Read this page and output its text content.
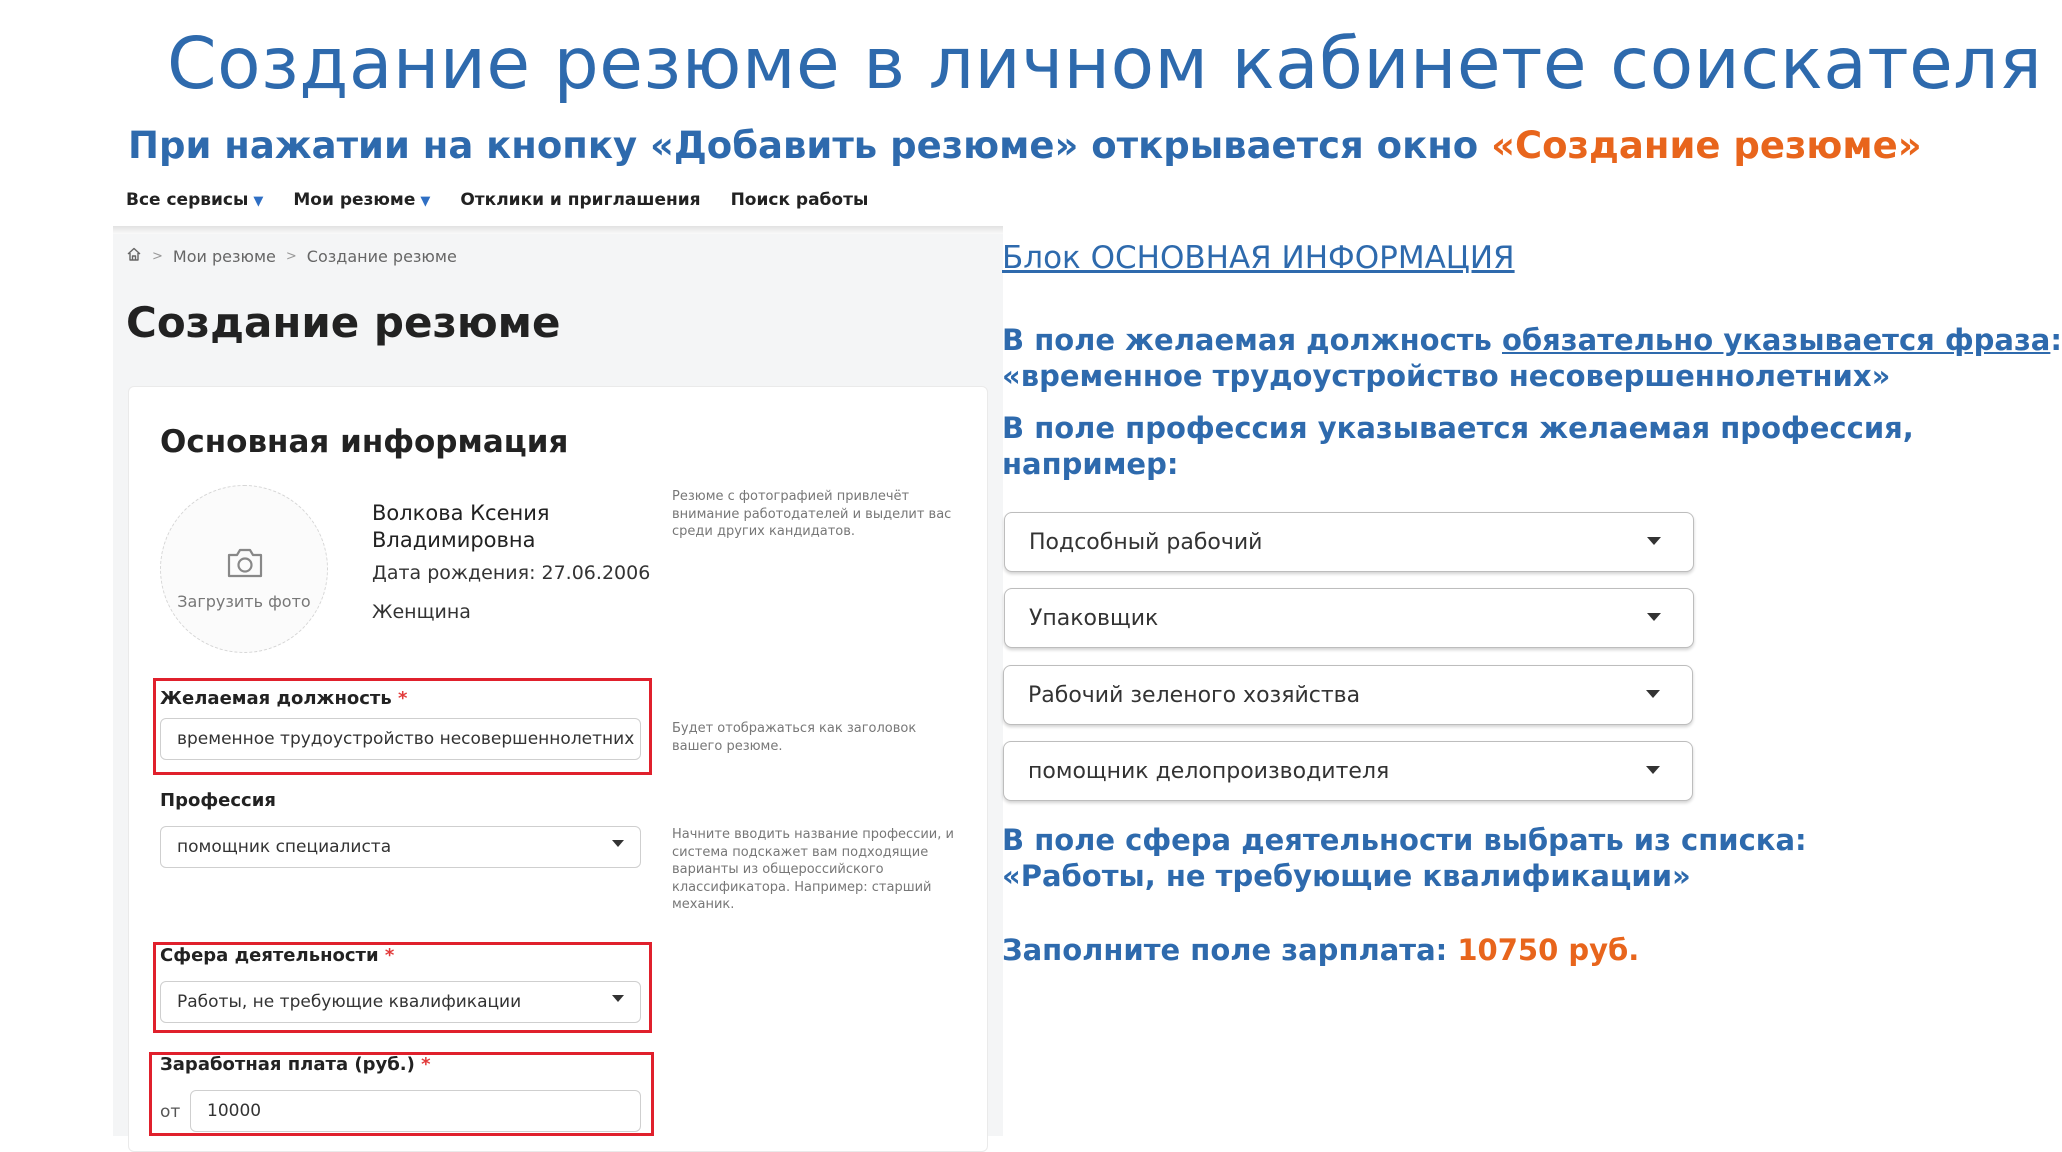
Создание резюме в личном кабинете соискателя
При нажатии на кнопку «Добавить резюме» открывается окно «Создание резюме»
Все сервисы ▼ Мои резюме ▼ Отклики и приглашения Поиск работы
> Мои резюме > Создание резюме
Создание резюме
Основная информация
Загрузить фото
Волкова Ксения Владимировна
Дата рождения: 27.06.2006
Женщина
Резюме с фотографией привлечёт внимание работодателей и выделит вас среди других кандидатов.
Желаемая должность *
временное трудоустройство несовершеннолетних
Будет отображаться как заголовок вашего резюме.
Профессия
помощник специалиста
Начните вводить название профессии, и система подскажет вам подходящие варианты из общероссийского классификатора. Например: старший механик.
Сфера деятельности *
Работы, не требующие квалификации
Заработная плата (руб.) *
от	10000
Блок ОСНОВНАЯ ИНФОРМАЦИЯ
В поле желаемая должность обязательно указывается фраза:
«временное трудоустройство несовершеннолетних»
В поле профессия указывается желаемая профессия,
например:
Подсобный рабочий
Упаковщик
Рабочий зеленого хозяйства
помощник делопроизводителя
В поле сфера деятельности выбрать из списка:
«Работы, не требующие квалификации»
Заполните поле зарплата: 10750 руб.
